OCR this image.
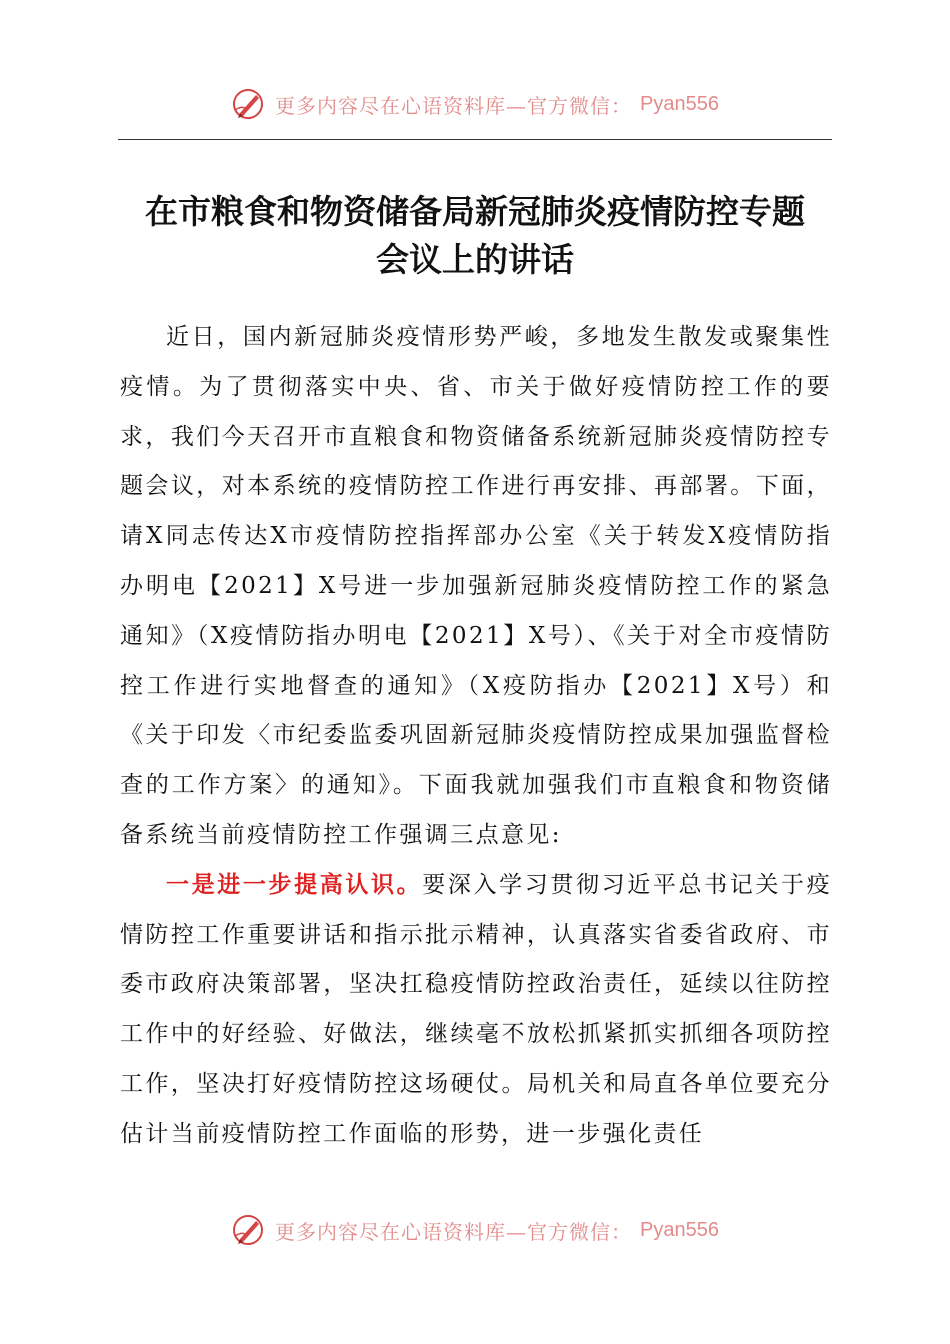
更多内容尽在心语资料库—官方微信： Pyan556
在市粮食和物资储备局新冠肺炎疫情防控专题
会议上的讲话

近日，国内新冠肺炎疫情形势严峻，多地发生散发或聚集性疫情。为了贯彻落实中央、省、市关于做好疫情防控工作的要求，我们今天召开市直粮食和物资储备系统新冠肺炎疫情防控专题会议，对本系统的疫情防控工作进行再安排、再部署。下面，请X同志传达X市疫情防控指挥部办公室《关于转发X疫情防指办明电【2021】X号进一步加强新冠肺炎疫情防控工作的紧急通知》（X疫情防指办明电【2021】X号）、《关于对全市疫情防控工作进行实地督查的通知》（X疫防指办【2021】X号）和《关于印发〈市纪委监委巩固新冠肺炎疫情防控成果加强监督检查的工作方案〉的通知》。下面我就加强我们市直粮食和物资储备系统当前疫情防控工作强调三点意见:

一是进一步提高认识。要深入学习贯彻习近平总书记关于疫情防控工作重要讲话和指示批示精神，认真落实省委省政府、市委市政府决策部署，坚决扛稳疫情防控政治责任，延续以往防控工作中的好经验、好做法，继续毫不放松抓紧抓实抓细各项防控工作，坚决打好疫情防控这场硬仗。局机关和局直各单位要充分估计当前疫情防控工作面临的形势，进一步强化责任

更多内容尽在心语资料库—官方微信： Pyan556
